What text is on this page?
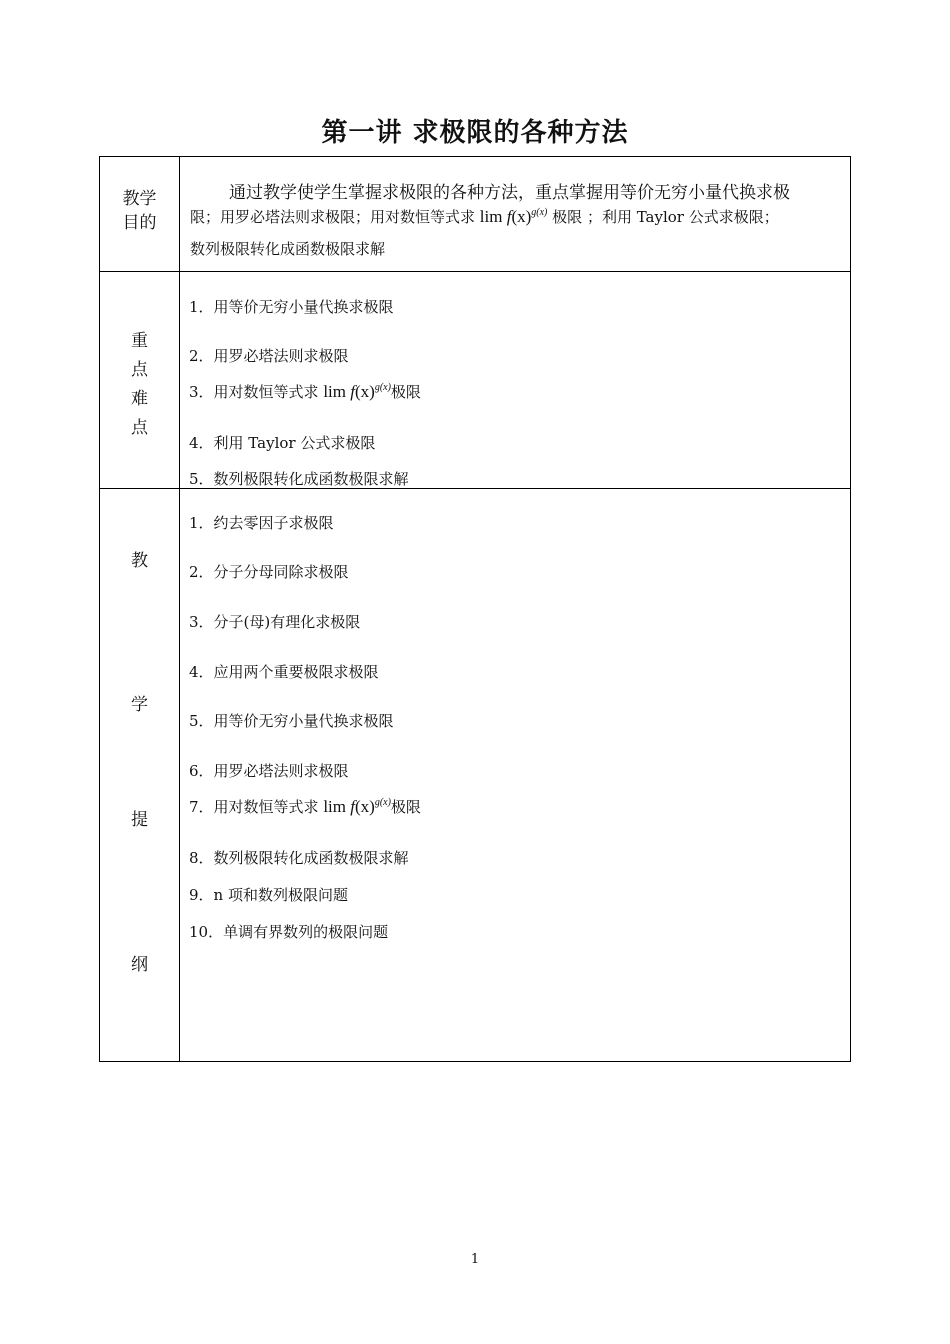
第一讲 求极限的各种方法
教学
目的
通过教学使学生掌握求极限的各种方法，重点掌握用等价无穷小量代换求极
限；用罗必塔法则求极限；用对数恒等式求 $\lim f(x)^{g(x)}$ 极限 ；利用 Taylor 公式求极限；
数列极限转化成函数极限求解
重
点
难
点
1．用等价无穷小量代换求极限
2．用罗必塔法则求极限
3．用对数恒等式求 $\lim f(x)^{g(x)}$极限
4．利用 Taylor 公式求极限
5．数列极限转化成函数极限求解
教
学
提
纲
1．约去零因子求极限
2．分子分母同除求极限
3．分子(母)有理化求极限
4．应用两个重要极限求极限
5．用等价无穷小量代换求极限
6．用罗必塔法则求极限
7．用对数恒等式求 $\lim f(x)^{g(x)}$极限
8．数列极限转化成函数极限求解
9．n 项和数列极限问题
10．单调有界数列的极限问题
1
